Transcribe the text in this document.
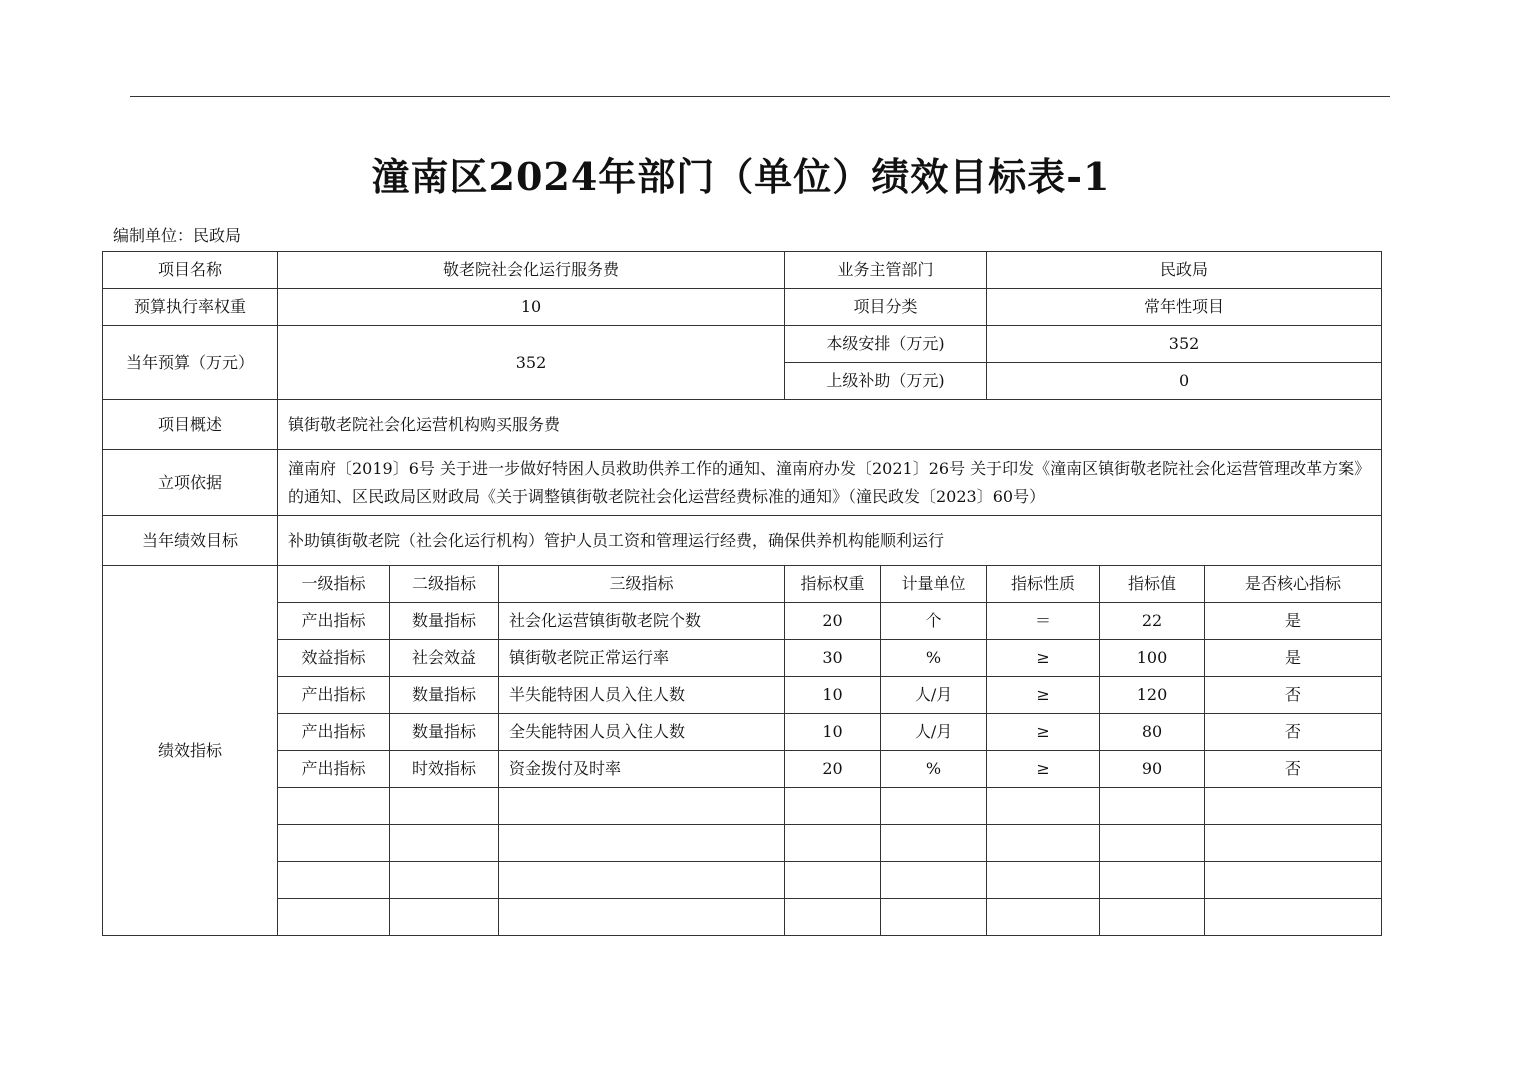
潼南区2024年部门（单位）绩效目标表-1
编制单位：民政局
项目名称	敬老院社会化运行服务费			业务主管部门		民政局		
预算执行率权重	10			项目分类		常年性项目		
当年预算（万元）	352			本级安排（万元)		352		
				上级补助（万元)		0		
项目概述	镇街敬老院社会化运营机构购买服务费							
立项依据	潼南府〔2019〕6号 关于进一步做好特困人员救助供养工作的通知、潼南府办发〔2021〕26号 关于印发《潼南区镇街敬老院社会化运营管理改革方案》的通知、区民政局区财政局《关于调整镇街敬老院社会化运营经费标准的通知》（潼民政发〔2023〕60号）							
当年绩效目标	补助镇街敬老院（社会化运行机构）管护人员工资和管理运行经费，确保供养机构能顺利运行							
绩效指标	一级指标	二级指标	三级指标	指标权重	计量单位	指标性质	指标值	是否核心指标
	产出指标	数量指标	社会化运营镇街敬老院个数	20	个	＝	22	是
	效益指标	社会效益	镇街敬老院正常运行率	30	%	≥	100	是
	产出指标	数量指标	半失能特困人员入住人数	10	人/月	≥	120	否
	产出指标	数量指标	全失能特困人员入住人数	10	人/月	≥	80	否
	产出指标	时效指标	资金拨付及时率	20	%	≥	90	否
